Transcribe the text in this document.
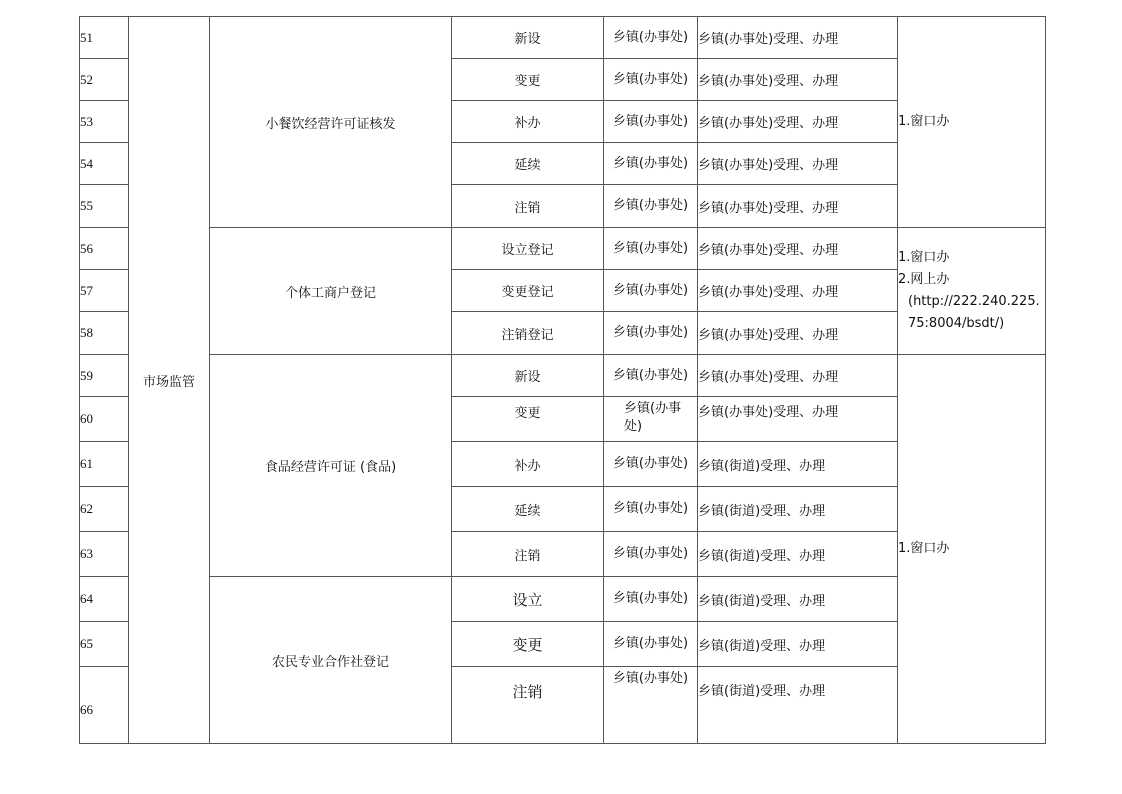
51	市场监管	小餐饮经营许可证核发	新设	乡镇(办事处)	乡镇(办事处)受理、办理	1.窗口办
52			变更	乡镇(办事处)	乡镇(办事处)受理、办理	
53			补办	乡镇(办事处)	乡镇(办事处)受理、办理	
54			延续	乡镇(办事处)	乡镇(办事处)受理、办理	
55			注销	乡镇(办事处)	乡镇(办事处)受理、办理	
56		个体工商户登记	设立登记	乡镇(办事处)	乡镇(办事处)受理、办理	1.窗口办
2.网上办
(http://222.240.225.75:8004/bsdt/)

57			变更登记	乡镇(办事处)	乡镇(办事处)受理、办理	
58			注销登记	乡镇(办事处)	乡镇(办事处)受理、办理	
59		食品经营许可证 (食品)	新设	乡镇(办事处)	乡镇(办事处)受理、办理	1.窗口办
60			变更	乡镇(办事处)	乡镇(办事处)受理、办理	
61			补办	乡镇(办事处)	乡镇(街道)受理、办理	
62			延续	乡镇(办事处)	乡镇(街道)受理、办理	
63			注销	乡镇(办事处)	乡镇(街道)受理、办理	
64		农民专业合作社登记	设立	乡镇(办事处)	乡镇(街道)受理、办理	
65			变更	乡镇(办事处)	乡镇(街道)受理、办理	
66			注销	乡镇(办事处)	乡镇(街道)受理、办理	
